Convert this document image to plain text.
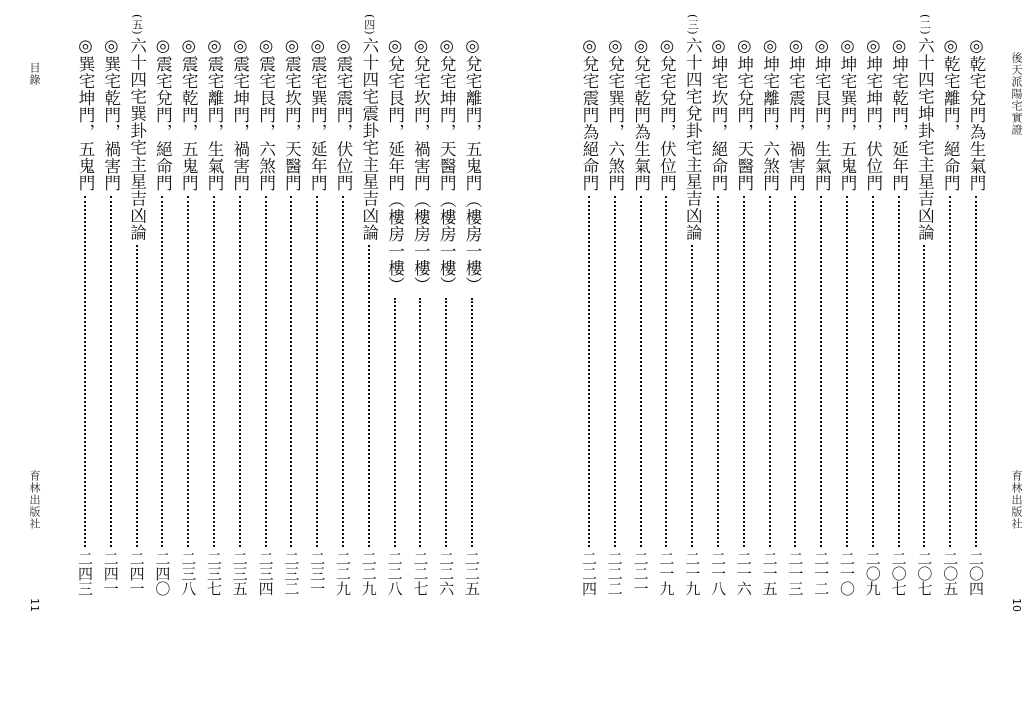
後天派陽宅實證
育林出版社
10
◎乾宅兌門為生氣門
二〇四
◎乾宅離門，絕命門
二〇五
(二)六十四宅坤卦宅主星吉凶論
二〇七
◎坤宅乾門，延年門
二〇七
◎坤宅坤門，伏位門
二〇九
◎坤宅巽門，五鬼門
二一〇
◎坤宅艮門，生氣門
二一二
◎坤宅震門，禍害門
二一三
◎坤宅離門，六煞門
二一五
◎坤宅兌門，天醫門
二一六
◎坤宅坎門，絕命門
二一八
(三)六十四宅兌卦宅主星吉凶論
二一九
◎兌宅兌門，伏位門
二一九
◎兌宅乾門為生氣門
二二一
◎兌宅巽門，六煞門
二二二
◎兌宅震門為絕命門
二二四
目錄
育林出版社
11
◎兌宅離門，五鬼門（樓房一樓）
二二五
◎兌宅坤門，天醫門（樓房一樓）
二二六
◎兌宅坎門，禍害門（樓房一樓）
二二七
◎兌宅艮門，延年門（樓房一樓）
二二八
(四)六十四宅震卦宅主星吉凶論
二二九
◎震宅震門，伏位門
二二九
◎震宅巽門，延年門
二三一
◎震宅坎門，天醫門
二三二
◎震宅艮門，六煞門
二三四
◎震宅坤門，禍害門
二三五
◎震宅離門，生氣門
二三七
◎震宅乾門，五鬼門
二三八
◎震宅兌門，絕命門
二四〇
(五)六十四宅巽卦宅主星吉凶論
二四一
◎巽宅乾門，禍害門
二四一
◎巽宅坤門，五鬼門
二四三
